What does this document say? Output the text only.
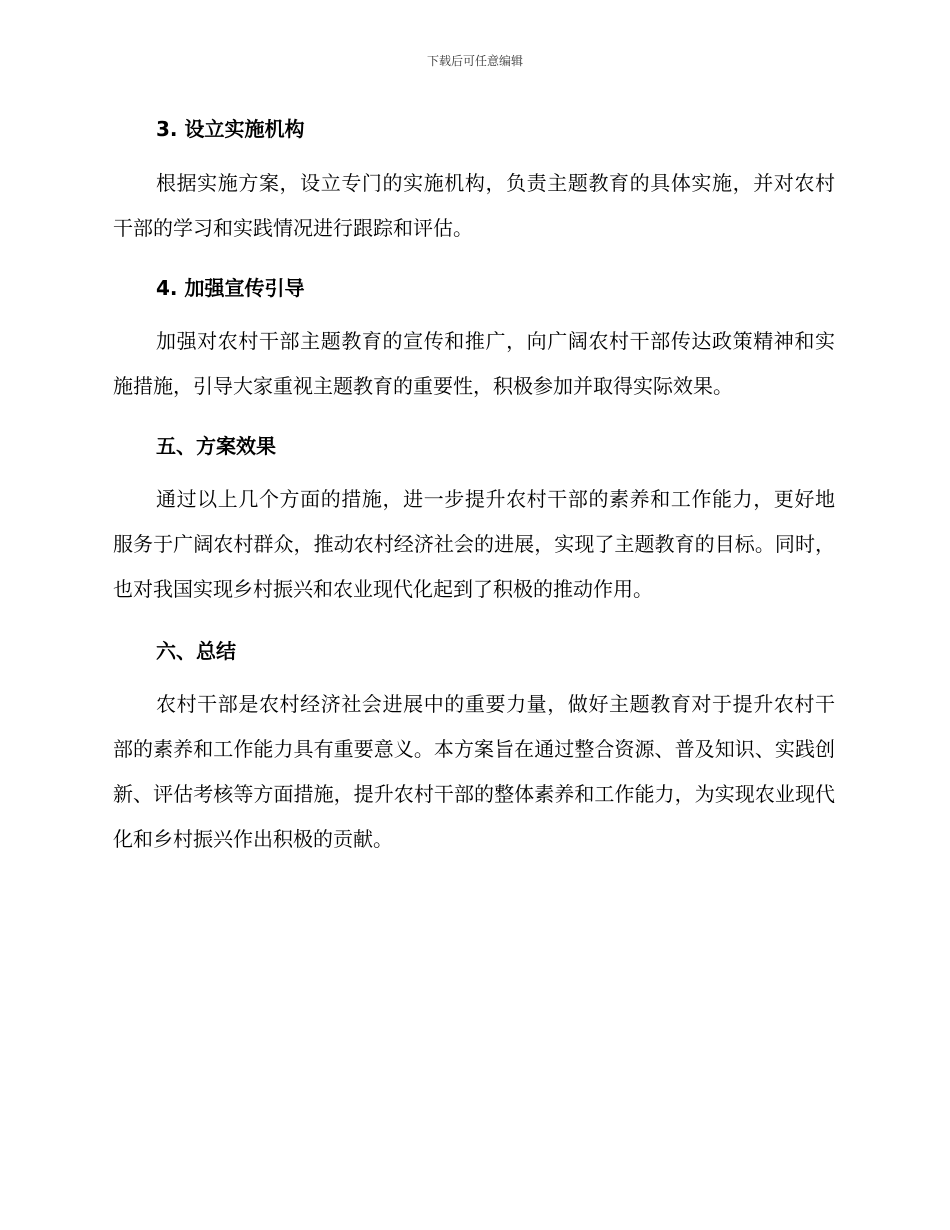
下载后可任意编辑
3. 设立实施机构

根据实施方案，设立专门的实施机构，负责主题教育的具体实施，并对农村干部的学习和实践情况进行跟踪和评估。

4. 加强宣传引导

加强对农村干部主题教育的宣传和推广，向广阔农村干部传达政策精神和实施措施，引导大家重视主题教育的重要性，积极参加并取得实际效果。

五、方案效果

通过以上几个方面的措施，进一步提升农村干部的素养和工作能力，更好地服务于广阔农村群众，推动农村经济社会的进展，实现了主题教育的目标。同时，也对我国实现乡村振兴和农业现代化起到了积极的推动作用。

六、总结

农村干部是农村经济社会进展中的重要力量，做好主题教育对于提升农村干部的素养和工作能力具有重要意义。本方案旨在通过整合资源、普及知识、实践创新、评估考核等方面措施，提升农村干部的整体素养和工作能力，为实现农业现代化和乡村振兴作出积极的贡献。
